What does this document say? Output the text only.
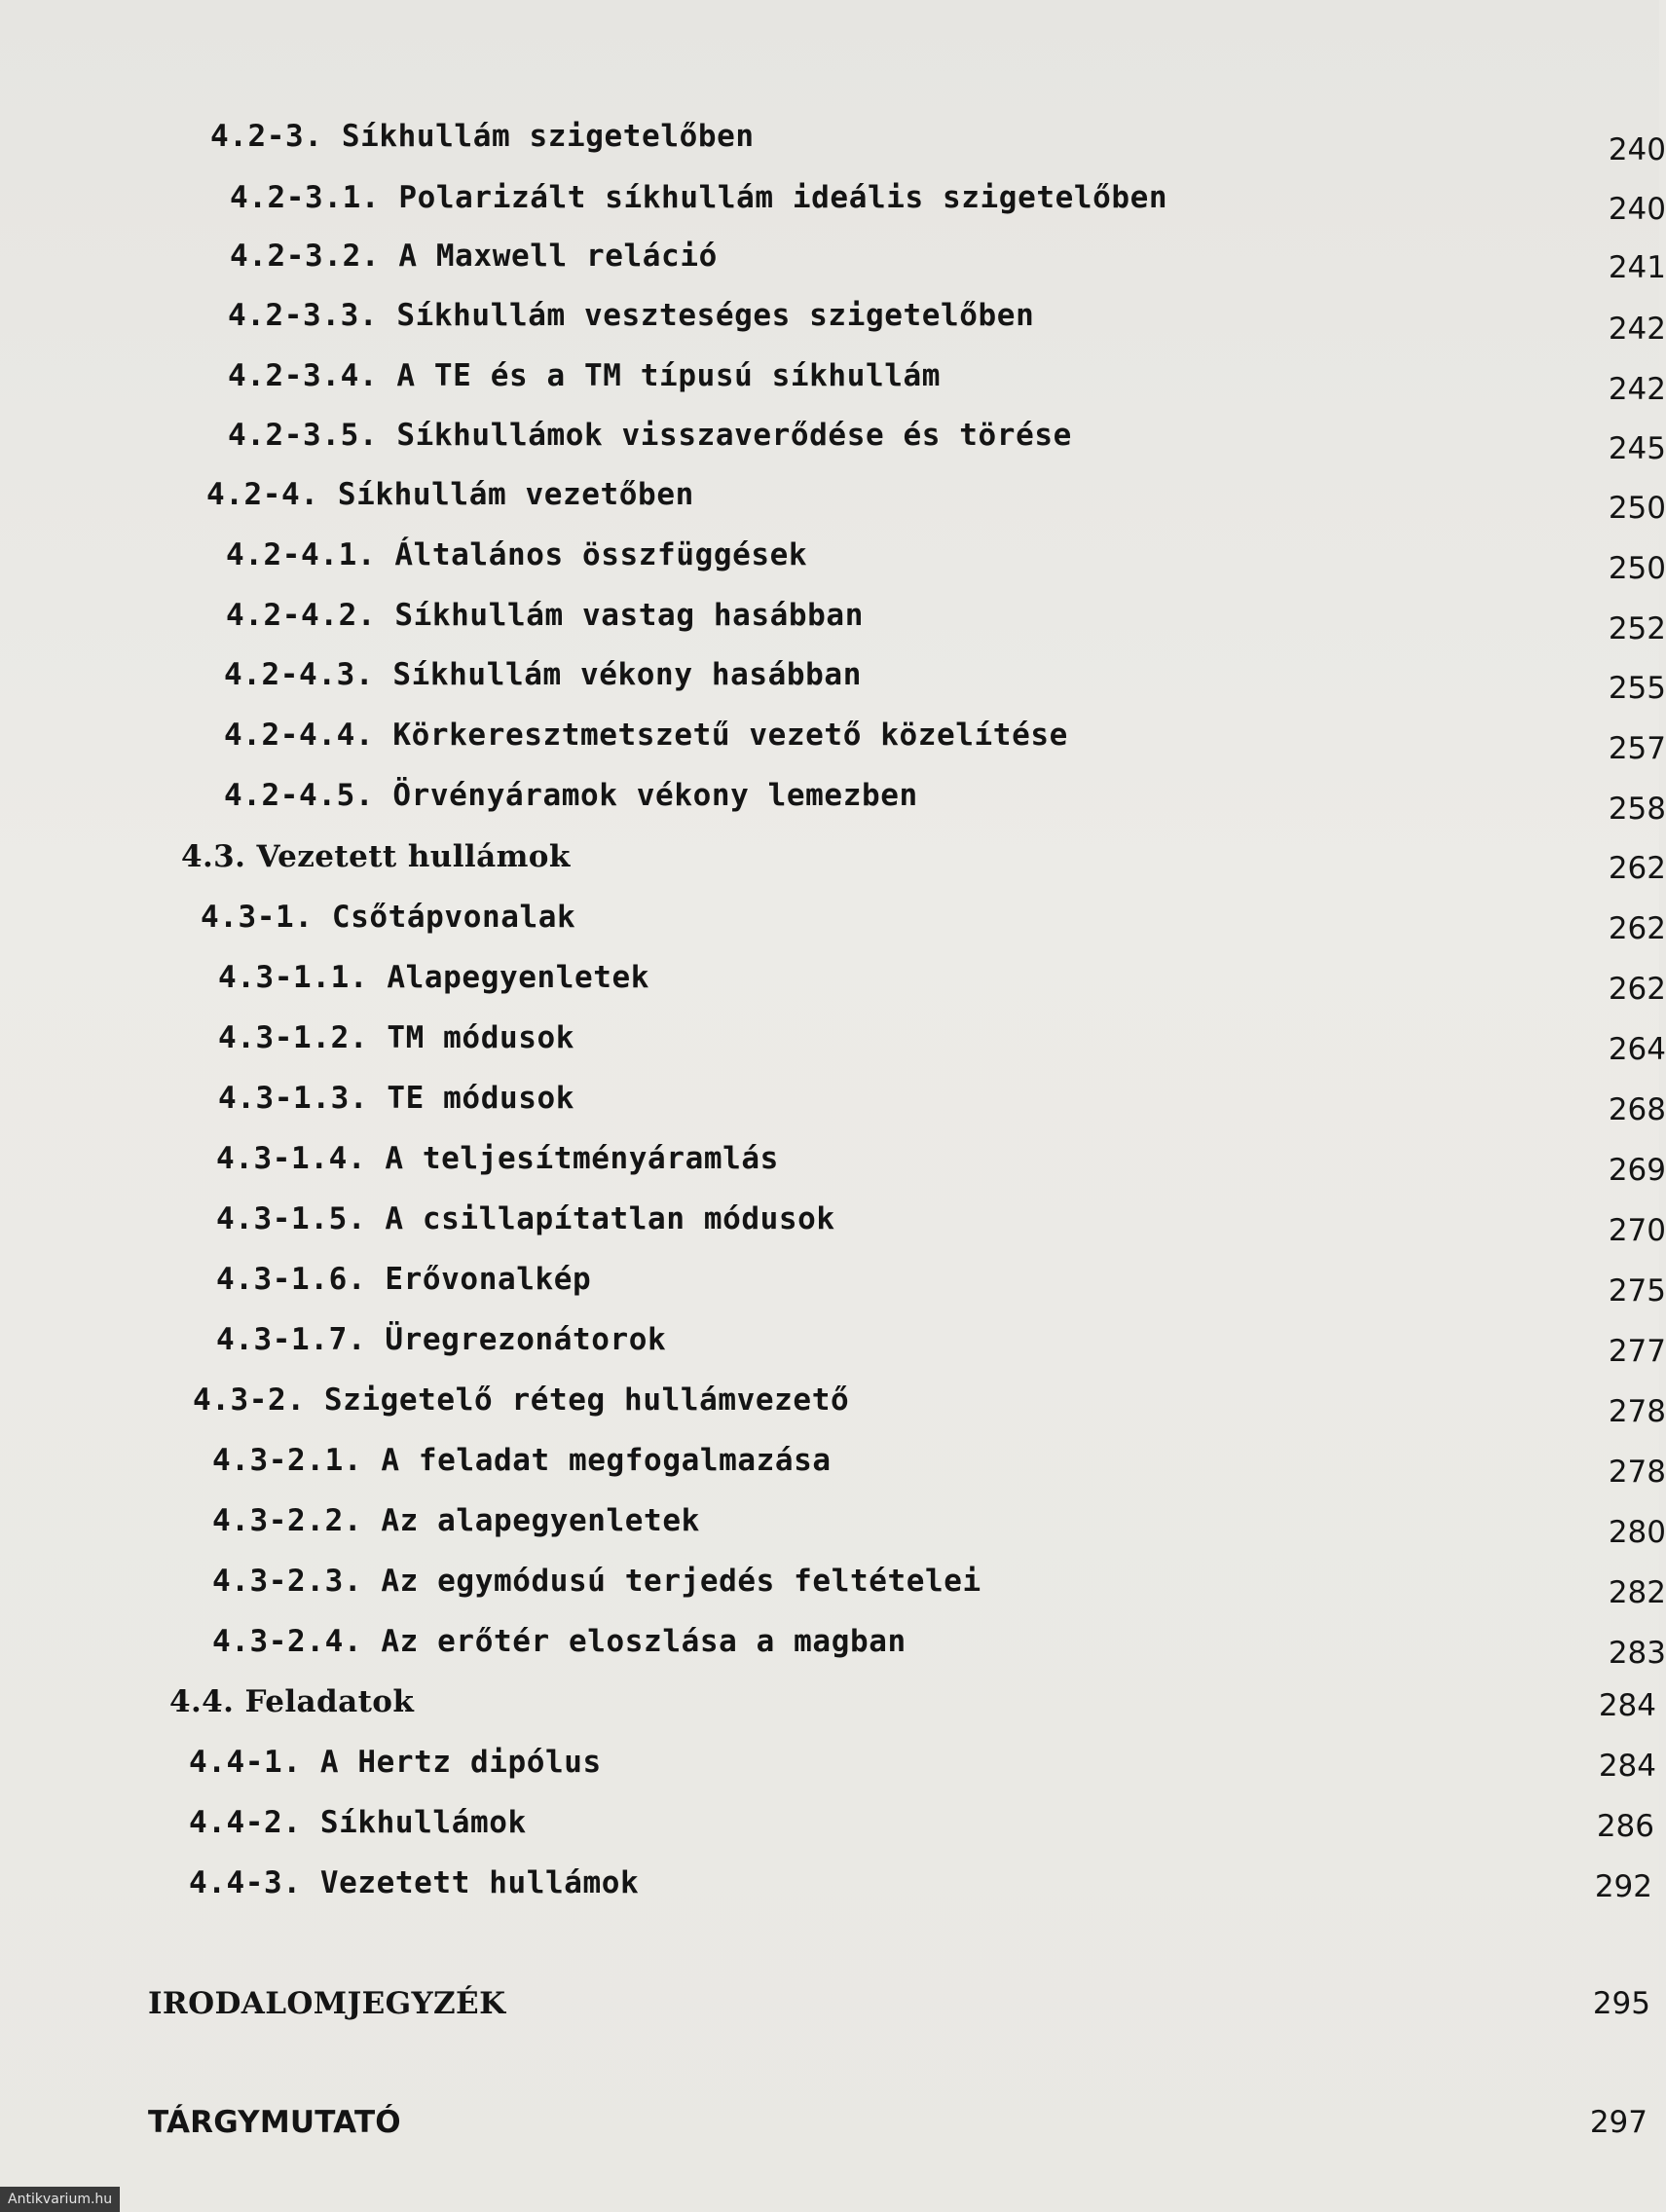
4.2-3. Síkhullám szigetelőben	240
4.2-3.1. Polarizált síkhullám ideális szigetelőben	240
4.2-3.2. A Maxwell reláció	241
4.2-3.3. Síkhullám veszteséges szigetelőben	242
4.2-3.4. A TE és a TM típusú síkhullám	242
4.2-3.5. Síkhullámok visszaverődése és törése	245
4.2-4. Síkhullám vezetőben	250
4.2-4.1. Általános összfüggések	250
4.2-4.2. Síkhullám vastag hasábban	252
4.2-4.3. Síkhullám vékony hasábban	255
4.2-4.4. Körkeresztmetszetű vezető közelítése	257
4.2-4.5. Örvényáramok vékony lemezben	258
4.3. Vezetett hullámok	262
4.3-1. Csőtápvonalak	262
4.3-1.1. Alapegyenletek	262
4.3-1.2. TM módusok	264
4.3-1.3. TE módusok	268
4.3-1.4. A teljesítményáramlás	269
4.3-1.5. A csillapítatlan módusok	270
4.3-1.6. Erővonalkép	275
4.3-1.7. Üregrezonátorok	277
4.3-2. Szigetelő réteg hullámvezető	278
4.3-2.1. A feladat megfogalmazása	278
4.3-2.2. Az alapegyenletek	280
4.3-2.3. Az egymódusú terjedés feltételei	282
4.3-2.4. Az erőtér eloszlása a magban	283
4.4. Feladatok	284
4.4-1. A Hertz dipólus	284
4.4-2. Síkhullámok	286
4.4-3. Vezetett hullámok	292
IRODALOMJEGYZÉK	295
TÁRGYMUTATÓ	297
Antikvarium.hu
